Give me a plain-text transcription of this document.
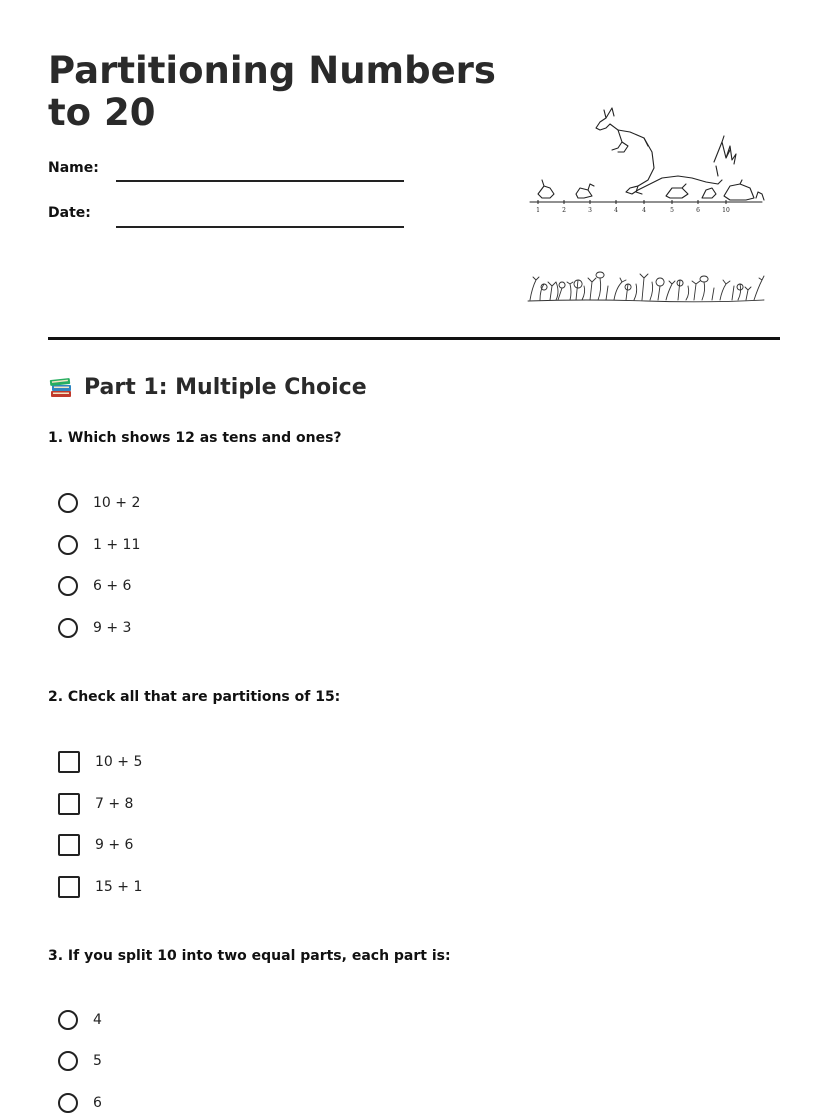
Partitioning Numbers to 20
Name:
Date:	1	2	3	4	4	5	6	10
Part 1: Multiple Choice
1. Which shows 12 as tens and ones?
10 + 2
1 + 11
6 + 6
9 + 3
2. Check all that are partitions of 15:
10 + 5
7 + 8
9 + 6
15 + 1
3. If you split 10 into two equal parts, each part is:
4
5
6
